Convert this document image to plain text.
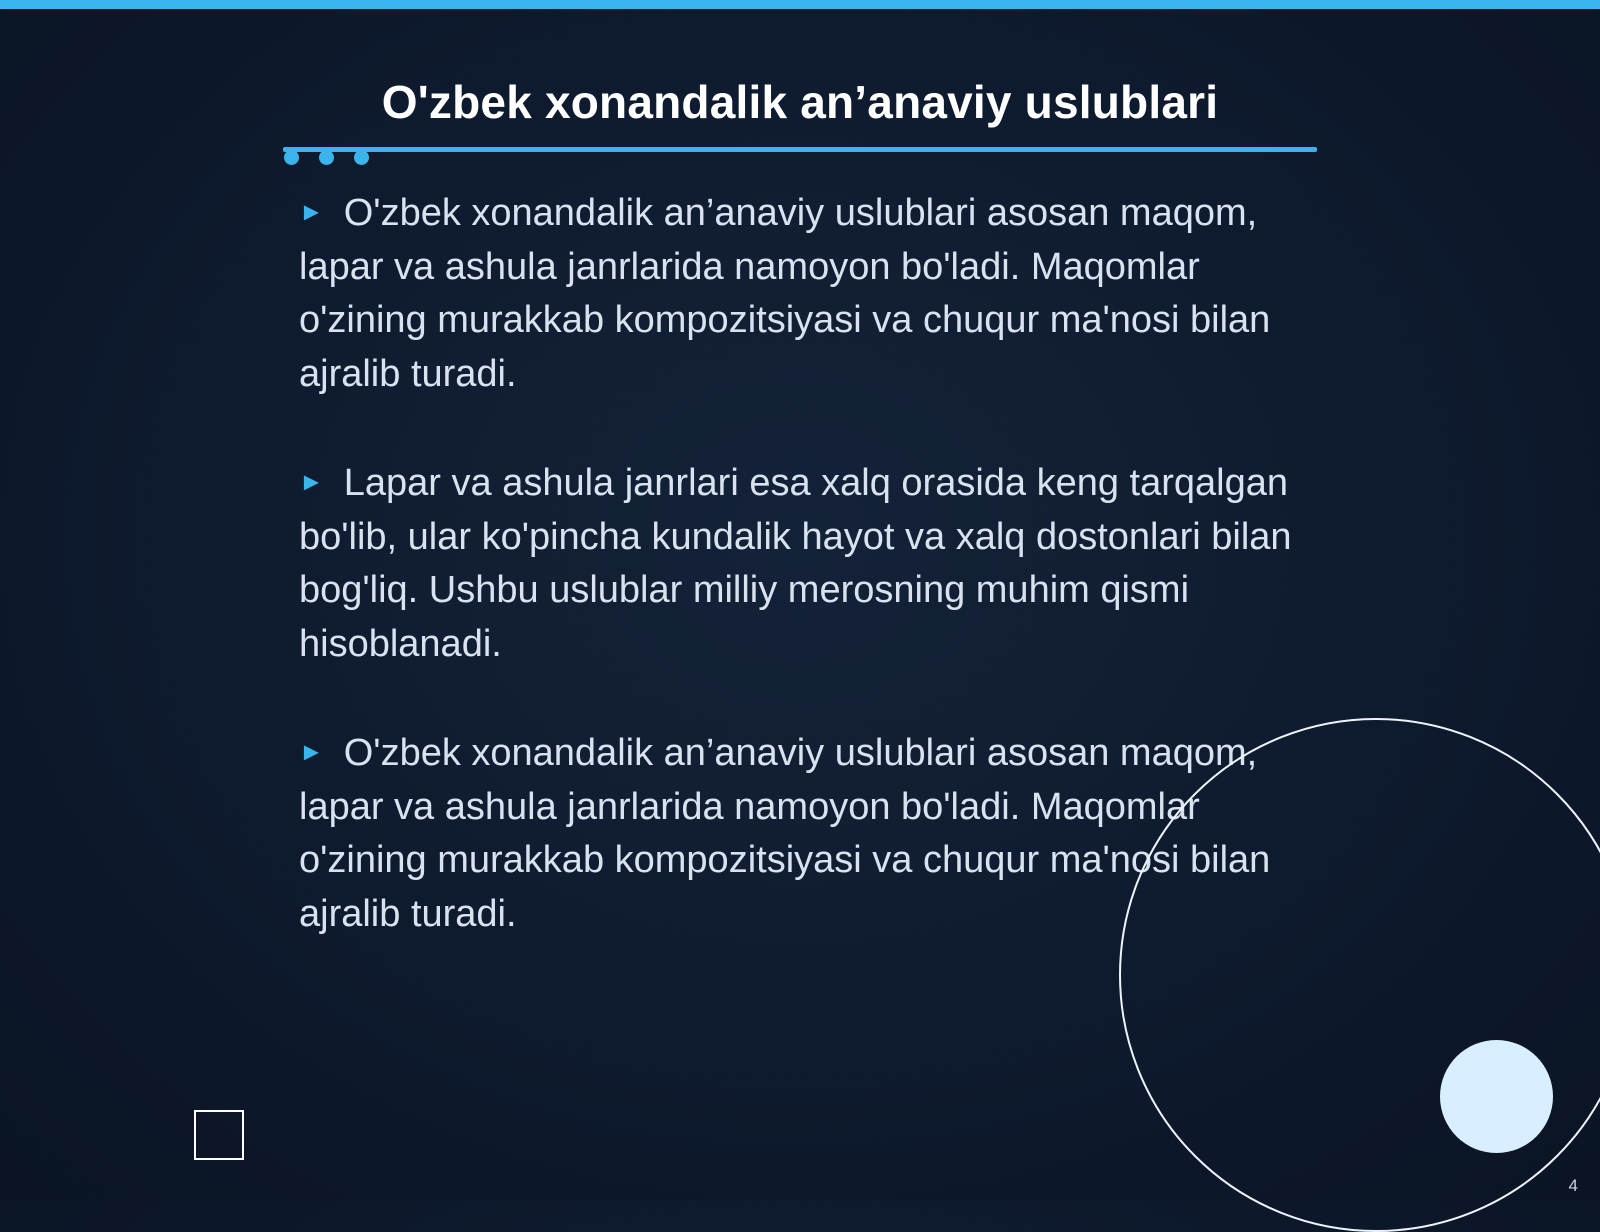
O'zbek xonandalik an’anaviy uslublari

► O'zbek xonandalik an’anaviy uslublari asosan maqom, lapar va ashula janrlarida namoyon bo'ladi. Maqomlar o'zining murakkab kompozitsiyasi va chuqur ma'nosi bilan ajralib turadi.

► Lapar va ashula janrlari esa xalq orasida keng tarqalgan bo'lib, ular ko'pincha kundalik hayot va xalq dostonlari bilan bog'liq. Ushbu uslublar milliy merosning muhim qismi hisoblanadi.

► O'zbek xonandalik an’anaviy uslublari asosan maqom, lapar va ashula janrlarida namoyon bo'ladi. Maqomlar o'zining murakkab kompozitsiyasi va chuqur ma'nosi bilan ajralib turadi.

4
